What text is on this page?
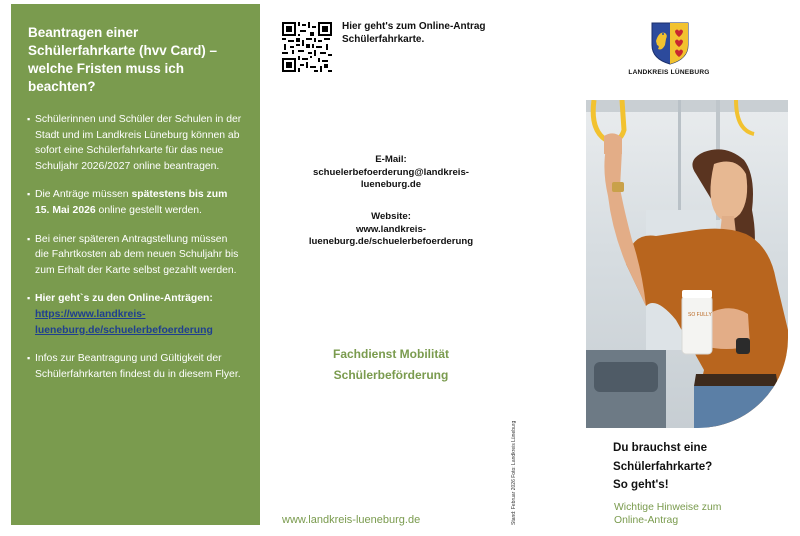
Beantragen einer Schülerfahrkarte (hvv Card) – welche Fristen muss ich beachten?
▪ Schülerinnen und Schüler der Schulen in der Stadt und im Landkreis Lüneburg können ab sofort eine Schülerfahrkarte für das neue Schuljahr 2026/2027 online beantragen.
▪ Die Anträge müssen spätestens bis zum 15. Mai 2026 online gestellt werden.
▪ Bei einer späteren Antragstellung müssen die Fahrtkosten ab dem neuen Schuljahr bis zum Erhalt der Karte selbst gezahlt werden.
▪ Hier geht`s zu den Online-Anträgen:
https://www.landkreis-lueneburg.de/schuelerbefoerderung
▪ Infos zur Beantragung und Gültigkeit der Schülerfahrkarten findest du in diesem Flyer.
Hier geht's zum Online-Antrag Schülerfahrkarte.
E-Mail:
schuelerbefoerderung@landkreis-lueneburg.de
Website:
www.landkreis-lueneburg.de/schuelerbefoerderung
Fachdienst Mobilität
Schülerbeförderung
www.landkreis-lueneburg.de	Stand: Februar 2026 Foto: Landkreis Lüneburg
LANDKREIS LÜNEBURG
SO FULLY
Du brauchst eine
Schülerfahrkarte?
So geht's!
Wichtige Hinweise zum
Online-Antrag
